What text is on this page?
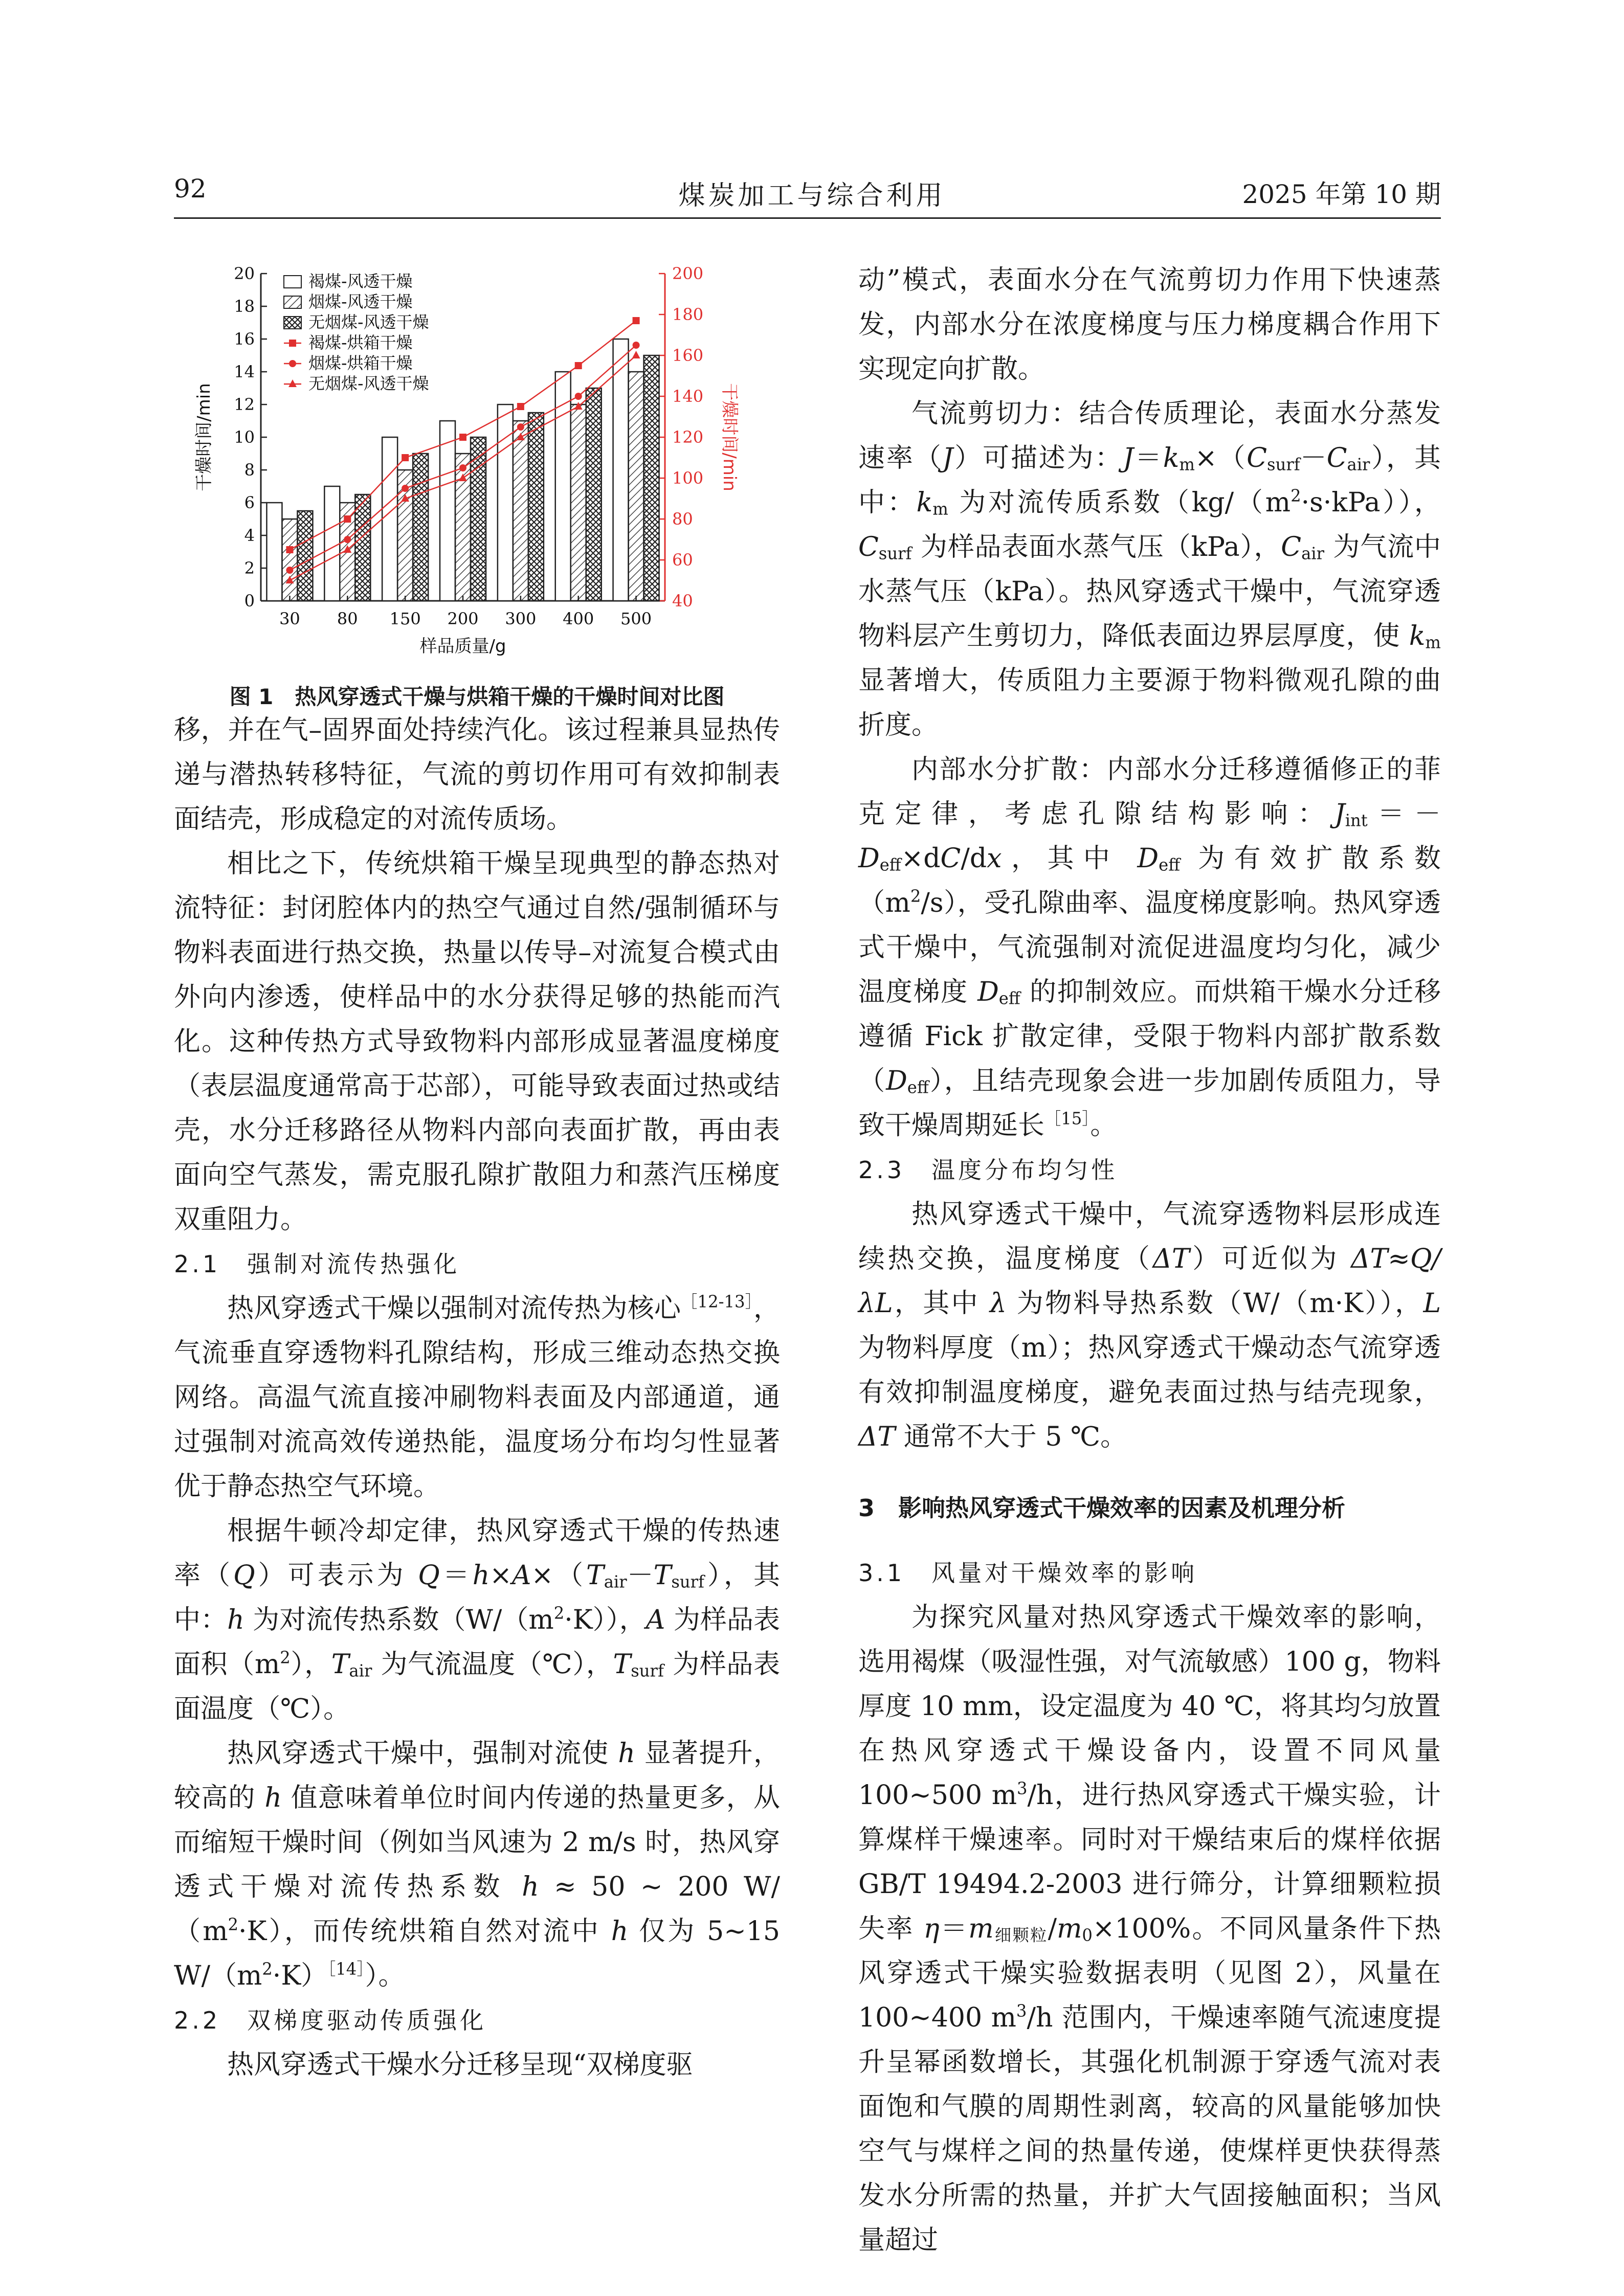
92	煤炭加工与综合利用	2025 年第 10 期
0
2
4
6
8
10
12
14
16
18
20
40
60
80
100
120
140
160
180
200
干燥时间/min	干燥时间/min
样品质量/g
30 80 150 200 300 400 500
褐煤-风透干燥
烟煤-风透干燥
无烟煤-风透干燥
褐煤-烘箱干燥
烟煤-烘箱干燥
无烟煤-风透干燥
图 1　热风穿透式干燥与烘箱干燥的干燥时间对比图

移，并在气–固界面处持续汽化。该过程兼具显热传递与潜热转移特征，气流的剪切作用可有效抑制表面结壳，形成稳定的对流传质场。

相比之下，传统烘箱干燥呈现典型的静态热对流特征：封闭腔体内的热空气通过自然/强制循环与物料表面进行热交换，热量以传导–对流复合模式由外向内渗透，使样品中的水分获得足够的热能而汽化。这种传热方式导致物料内部形成显著温度梯度（表层温度通常高于芯部），可能导致表面过热或结壳，水分迁移路径从物料内部向表面扩散，再由表面向空气蒸发，需克服孔隙扩散阻力和蒸汽压梯度双重阻力。

2.1　强制对流传热强化

热风穿透式干燥以强制对流传热为核心$^{[12-13]}$，气流垂直穿透物料孔隙结构，形成三维动态热交换网络。高温气流直接冲刷物料表面及内部通道，通过强制对流高效传递热能，温度场分布均匀性显著优于静态热空气环境。

根据牛顿冷却定律，热风穿透式干燥的传热速率（Q）可表示为 $Q=h\times A\times(T_{air}-T_{surf})$，其中：h 为对流传热系数$(W/(m^2\cdot K))$，A 为样品表面积$(m^2)$，$T_{air}$ 为气流温度（℃），$T_{surf}$ 为样品表面温度（℃）。

热风穿透式干燥中，强制对流使 h 显著提升，较高的 h 值意味着单位时间内传递的热量更多，从而缩短干燥时间（例如当风速为 2 m/s 时，热风穿透式干燥对流传热系数 h ≈ 50 ~ 200 $W/(m^2\cdot K)$，而传统烘箱自然对流中 h 仅为 5~15 $W/(m^2\cdot K)^{[14]}$）。

2.2　双梯度驱动传质强化

热风穿透式干燥水分迁移呈现“双梯度驱

动”模式，表面水分在气流剪切力作用下快速蒸发，内部水分在浓度梯度与压力梯度耦合作用下实现定向扩散。

气流剪切力：结合传质理论，表面水分蒸发速率（J）可描述为：$J=k_m\times(C_{surf}-C_{air})$，其中：$k_m$ 为对流传质系数$(kg/(m^2\cdot s\cdot kPa))$，$C_{surf}$ 为样品表面水蒸气压（kPa），$C_{air}$ 为气流中水蒸气压（kPa）。热风穿透式干燥中，气流穿透物料层产生剪切力，降低表面边界层厚度，使 $k_m$ 显著增大，传质阻力主要源于物料微观孔隙的曲折度。

内部水分扩散：内部水分迁移遵循修正的菲克定律，考虑孔隙结构影响：$J_{int}=-D_{eff}\times dC/dx$，其中 $D_{eff}$ 为有效扩散系数$(m^2/s)$，受孔隙曲率、温度梯度影响。热风穿透式干燥中，气流强制对流促进温度均匀化，减少温度梯度 $D_{eff}$ 的抑制效应。而烘箱干燥水分迁移遵循 Fick 扩散定律，受限于物料内部扩散系数$(D_{eff})$，且结壳现象会进一步加剧传质阻力，导致干燥周期延长$^{[15]}$。

2.3　温度分布均匀性

热风穿透式干燥中，气流穿透物料层形成连续热交换，温度梯度（ΔT）可近似为 ΔT≈Q/λL，其中 λ 为物料导热系数（W/（m·K）），L 为物料厚度（m）；热风穿透式干燥动态气流穿透有效抑制温度梯度，避免表面过热与结壳现象，ΔT 通常不大于 5 ℃。

3　影响热风穿透式干燥效率的因素及机理分析

3.1　风量对干燥效率的影响

为探究风量对热风穿透式干燥效率的影响，选用褐煤（吸湿性强，对气流敏感）100 g，物料厚度 10 mm，设定温度为 40 ℃，将其均匀放置在热风穿透式干燥设备内，设置不同风量 100~500 $m^3/h$，进行热风穿透式干燥实验，计算煤样干燥速率。同时对干燥结束后的煤样依据 GB/T 19494.2-2003 进行筛分，计算细颗粒损失率 $\eta=m_{细颗粒}/m_0\times 100\%$。不同风量条件下热风穿透式干燥实验数据表明（见图 2），风量在 100~400 $m^3/h$ 范围内，干燥速率随气流速度提升呈幂函数增长，其强化机制源于穿透气流对表面饱和气膜的周期性剥离，较高的风量能够加快空气与煤样之间的热量传递，使煤样更快获得蒸发水分所需的热量，并扩大气固接触面积；当风量超过
